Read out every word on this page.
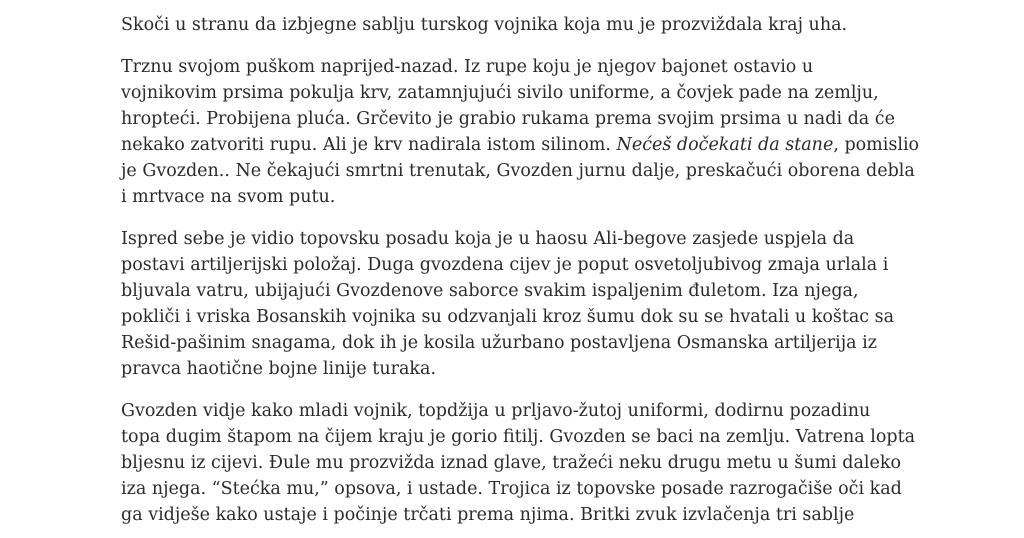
Skoči u stranu da izbjegne sablju turskog vojnika koja mu je prozviždala kraj uha.

Trznu svojom puškom naprijed-nazad. Iz rupe koju je njegov bajonet ostavio u
vojnikovim prsima pokulja krv, zatamnjujući sivilo uniforme, a čovjek pade na zemlju,
hropteći. Probijena pluća. Grčevito je grabio rukama prema svojim prsima u nadi da će
nekako zatvoriti rupu. Ali je krv nadirala istom silinom. Nećeš dočekati da stane, pomislio
je Gvozden.. Ne čekajući smrtni trenutak, Gvozden jurnu dalje, preskačući oborena debla
i mrtvace na svom putu.

Ispred sebe je vidio topovsku posadu koja je u haosu Ali-begove zasjede uspjela da
postavi artiljerijski položaj. Duga gvozdena cijev je poput osvetoljubivog zmaja urlala i
bljuvala vatru, ubijajući Gvozdenove saborce svakim ispaljenim đuletom. Iza njega,
pokliči i vriska Bosanskih vojnika su odzvanjali kroz šumu dok su se hvatali u koštac sa
Rešid-pašinim snagama, dok ih je kosila užurbano postavljena Osmanska artiljerija iz
pravca haotične bojne linije turaka.

Gvozden vidje kako mladi vojnik, topdžija u prljavo-žutoj uniformi, dodirnu pozadinu
topa dugim štapom na čijem kraju je gorio fitilj. Gvozden se baci na zemlju. Vatrena lopta
bljesnu iz cijevi. Đule mu prozviždа iznad glave, tražeći neku drugu metu u šumi daleko
iza njega. “Stećka mu,” opsova, i ustade. Trojica iz topovske posade razrogačiše oči kad
ga vidješe kako ustaje i počinje trčati prema njima. Britki zvuk izvlačenja tri sablje
